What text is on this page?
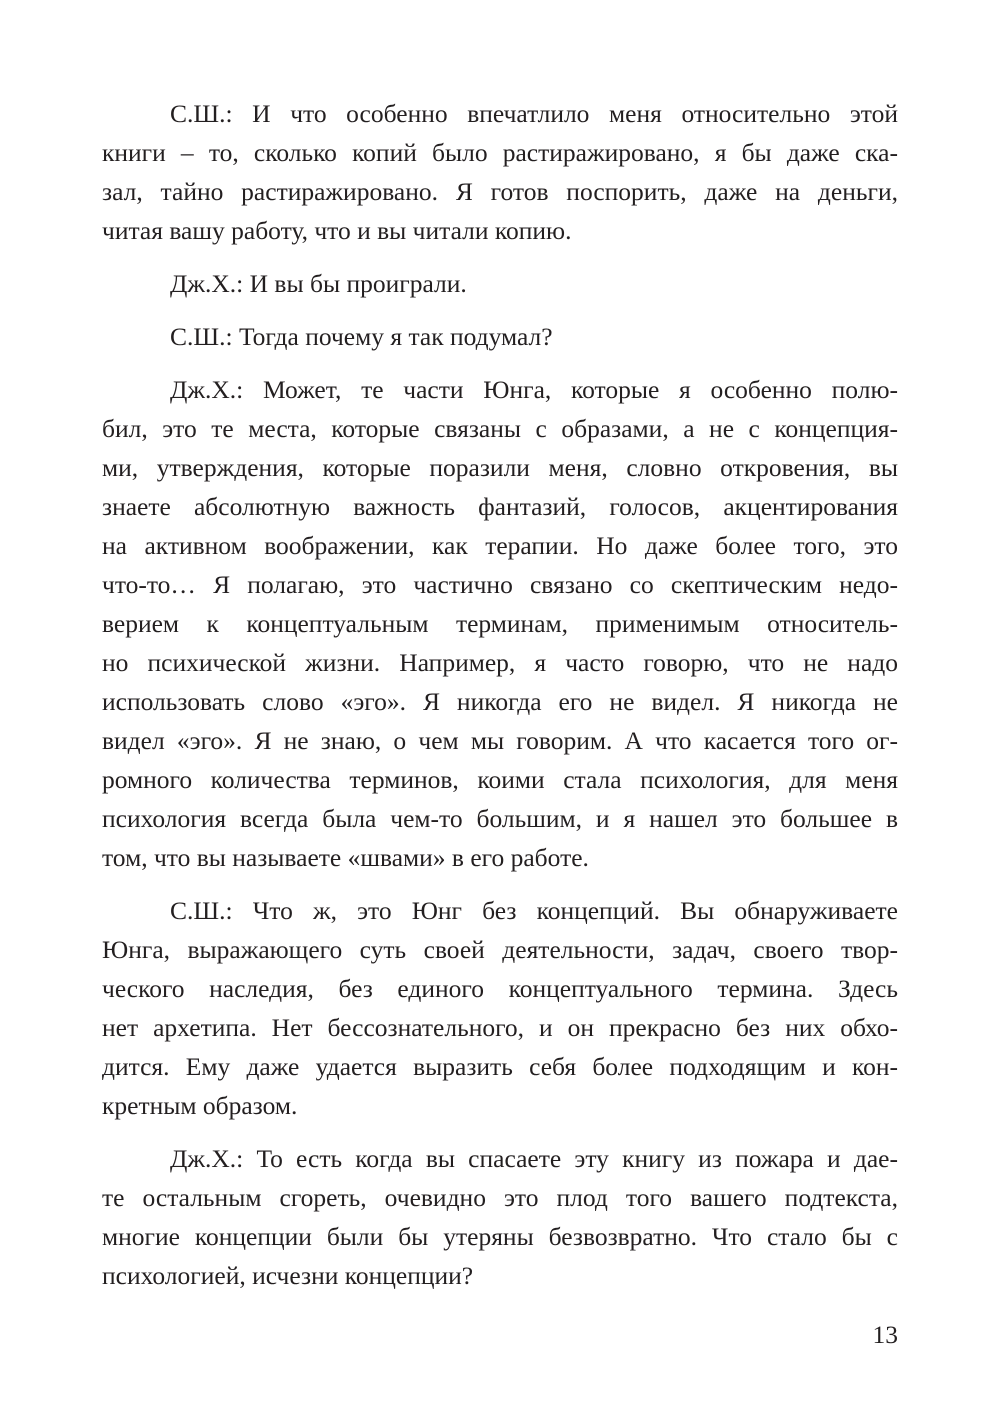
С.Ш.: И что особенно впечатлило меня относительно этой
книги – то, сколько копий было растиражировано, я бы даже ска-
зал, тайно растиражировано. Я готов поспорить, даже на деньги,
читая вашу работу, что и вы читали копию.
Дж.Х.: И вы бы проиграли.
С.Ш.: Тогда почему я так подумал?
Дж.Х.: Может, те части Юнга, которые я особенно полю-
бил, это те места, которые связаны с образами, а не с концепция-
ми, утверждения, которые поразили меня, словно откровения, вы
знаете абсолютную важность фантазий, голосов, акцентирования
на активном воображении, как терапии. Но даже более того, это
что-то… Я полагаю, это частично связано со скептическим недо-
верием к концептуальным терминам, применимым относитель-
но психической жизни. Например, я часто говорю, что не надо
использовать слово «эго». Я никогда его не видел. Я никогда не
видел «эго». Я не знаю, о чем мы говорим. А что касается того ог-
ромного количества терминов, коими стала психология, для меня
психология всегда была чем-то большим, и я нашел это большее в
том, что вы называете «швами» в его работе.
С.Ш.: Что ж, это Юнг без концепций. Вы обнаруживаете
Юнга, выражающего суть своей деятельности, задач, своего твор-
ческого наследия, без единого концептуального термина. Здесь
нет архетипа. Нет бессознательного, и он прекрасно без них обхо-
дится. Ему даже удается выразить себя более подходящим и кон-
кретным образом.
Дж.Х.: То есть когда вы спасаете эту книгу из пожара и дае-
те остальным сгореть, очевидно это плод того вашего подтекста,
многие концепции были бы утеряны безвозвратно. Что стало бы с
психологией, исчезни концепции?
13
